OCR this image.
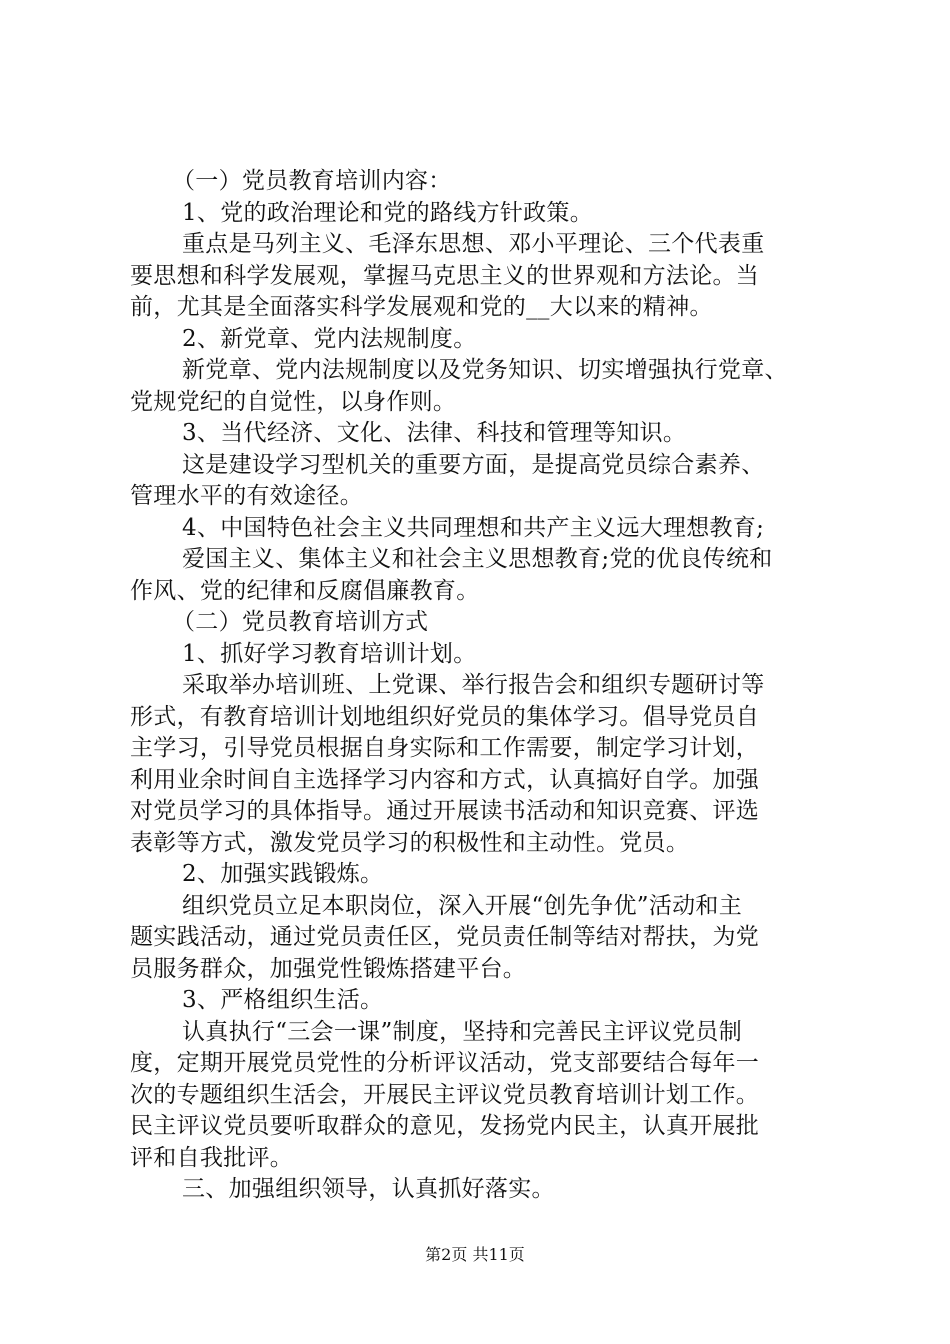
（一）党员教育培训内容：
1、党的政治理论和党的路线方针政策。
重点是马列主义、毛泽东思想、邓小平理论、三个代表重
要思想和科学发展观，掌握马克思主义的世界观和方法论。当
前，尤其是全面落实科学发展观和党的__大以来的精神。
2、新党章、党内法规制度。
新党章、党内法规制度以及党务知识、切实增强执行党章、
党规党纪的自觉性，以身作则。
3、当代经济、文化、法律、科技和管理等知识。
这是建设学习型机关的重要方面，是提高党员综合素养、
管理水平的有效途径。
4、中国特色社会主义共同理想和共产主义远大理想教育;
爱国主义、集体主义和社会主义思想教育;党的优良传统和
作风、党的纪律和反腐倡廉教育。
（二）党员教育培训方式
1、抓好学习教育培训计划。
采取举办培训班、上党课、举行报告会和组织专题研讨等
形式，有教育培训计划地组织好党员的集体学习。倡导党员自
主学习，引导党员根据自身实际和工作需要，制定学习计划，
利用业余时间自主选择学习内容和方式，认真搞好自学。加强
对党员学习的具体指导。通过开展读书活动和知识竞赛、评选
表彰等方式，激发党员学习的积极性和主动性。党员。
2、加强实践锻炼。
组织党员立足本职岗位，深入开展“创先争优”活动和主
题实践活动，通过党员责任区，党员责任制等结对帮扶，为党
员服务群众，加强党性锻炼搭建平台。
3、严格组织生活。
认真执行“三会一课”制度，坚持和完善民主评议党员制
度，定期开展党员党性的分析评议活动，党支部要结合每年一
次的专题组织生活会，开展民主评议党员教育培训计划工作。
民主评议党员要听取群众的意见，发扬党内民主，认真开展批
评和自我批评。
三、加强组织领导，认真抓好落实。
第2页 共11页
